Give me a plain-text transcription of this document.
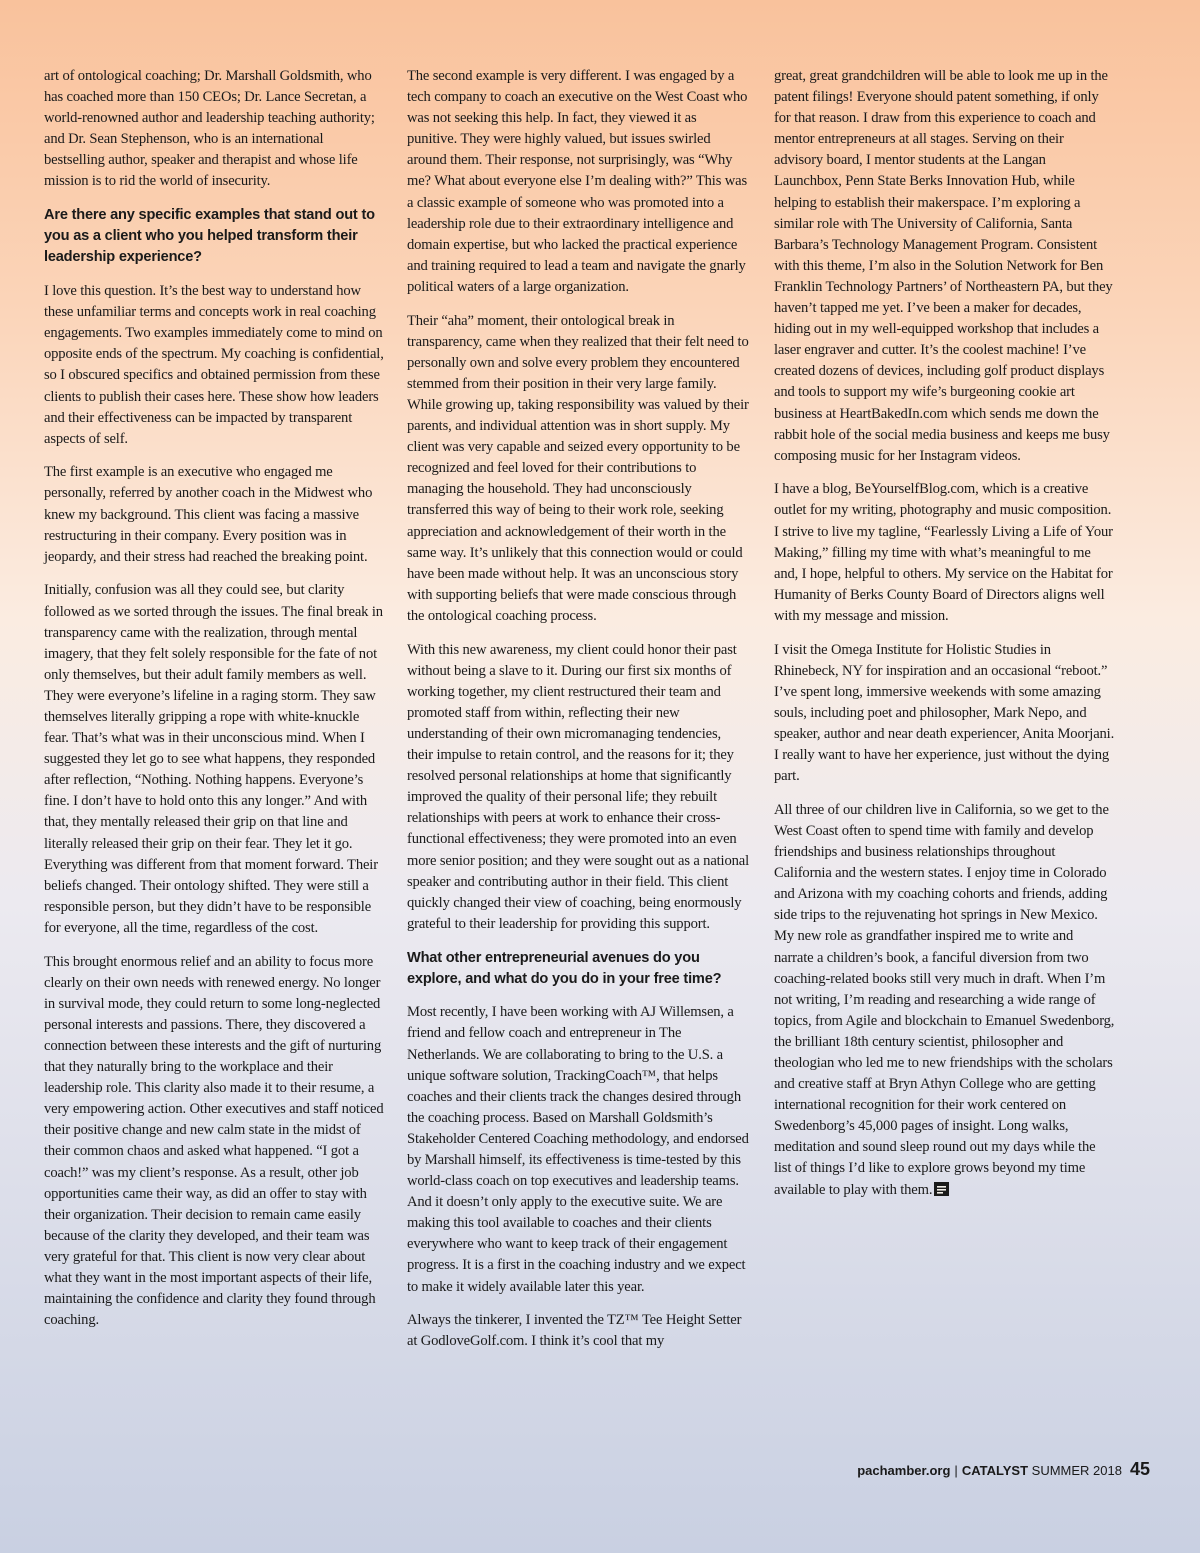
art of ontological coaching; Dr. Marshall Goldsmith, who has coached more than 150 CEOs; Dr. Lance Secretan, a world-renowned author and leadership teaching authority; and Dr. Sean Stephenson, who is an international bestselling author, speaker and therapist and whose life mission is to rid the world of insecurity.

Are there any specific examples that stand out to you as a client who you helped transform their leadership experience?

I love this question. It’s the best way to understand how these unfamiliar terms and concepts work in real coaching engagements. Two examples immediately come to mind on opposite ends of the spectrum. My coaching is confidential, so I obscured specifics and obtained permission from these clients to publish their cases here. These show how leaders and their effectiveness can be impacted by transparent aspects of self.

The first example is an executive who engaged me personally, referred by another coach in the Midwest who knew my background. This client was facing a massive restructuring in their company. Every position was in jeopardy, and their stress had reached the breaking point.

Initially, confusion was all they could see, but clarity followed as we sorted through the issues. The final break in transparency came with the realization, through mental imagery, that they felt solely responsible for the fate of not only themselves, but their adult family members as well. They were everyone’s lifeline in a raging storm. They saw themselves literally gripping a rope with white-knuckle fear. That’s what was in their unconscious mind. When I suggested they let go to see what happens, they responded after reflection, “Nothing. Nothing happens. Everyone’s fine. I don’t have to hold onto this any longer.” And with that, they mentally released their grip on that line and literally released their grip on their fear. They let it go. Everything was different from that moment forward. Their beliefs changed. Their ontology shifted. They were still a responsible person, but they didn’t have to be responsible for everyone, all the time, regardless of the cost.

This brought enormous relief and an ability to focus more clearly on their own needs with renewed energy. No longer in survival mode, they could return to some long-neglected personal interests and passions. There, they discovered a connection between these interests and the gift of nurturing that they naturally bring to the workplace and their leadership role. This clarity also made it to their resume, a very empowering action. Other executives and staff noticed their positive change and new calm state in the midst of their common chaos and asked what happened. “I got a coach!” was my client’s response. As a result, other job opportunities came their way, as did an offer to stay with their organization. Their decision to remain came easily because of the clarity they developed, and their team was very grateful for that. This client is now very clear about what they want in the most important aspects of their life, maintaining the confidence and clarity they found through coaching.

The second example is very different. I was engaged by a tech company to coach an executive on the West Coast who was not seeking this help. In fact, they viewed it as punitive. They were highly valued, but issues swirled around them. Their response, not surprisingly, was “Why me? What about everyone else I’m dealing with?” This was a classic example of someone who was promoted into a leadership role due to their extraordinary intelligence and domain expertise, but who lacked the practical experience and training required to lead a team and navigate the gnarly political waters of a large organization.

Their “aha” moment, their ontological break in transparency, came when they realized that their felt need to personally own and solve every problem they encountered stemmed from their position in their very large family. While growing up, taking responsibility was valued by their parents, and individual attention was in short supply. My client was very capable and seized every opportunity to be recognized and feel loved for their contributions to managing the household. They had unconsciously transferred this way of being to their work role, seeking appreciation and acknowledgement of their worth in the same way. It’s unlikely that this connection would or could have been made without help. It was an unconscious story with supporting beliefs that were made conscious through the ontological coaching process.

With this new awareness, my client could honor their past without being a slave to it. During our first six months of working together, my client restructured their team and promoted staff from within, reflecting their new understanding of their own micromanaging tendencies, their impulse to retain control, and the reasons for it; they resolved personal relationships at home that significantly improved the quality of their personal life; they rebuilt relationships with peers at work to enhance their cross-functional effectiveness; they were promoted into an even more senior position; and they were sought out as a national speaker and contributing author in their field. This client quickly changed their view of coaching, being enormously grateful to their leadership for providing this support.

What other entrepreneurial avenues do you explore, and what do you do in your free time?

Most recently, I have been working with AJ Willemsen, a friend and fellow coach and entrepreneur in The Netherlands. We are collaborating to bring to the U.S. a unique software solution, TrackingCoach™, that helps coaches and their clients track the changes desired through the coaching process. Based on Marshall Goldsmith’s Stakeholder Centered Coaching methodology, and endorsed by Marshall himself, its effectiveness is time-tested by this world-class coach on top executives and leadership teams. And it doesn’t only apply to the executive suite. We are making this tool available to coaches and their clients everywhere who want to keep track of their engagement progress. It is a first in the coaching industry and we expect to make it widely available later this year.

Always the tinkerer, I invented the TZ™ Tee Height Setter at GodloveGolf.com. I think it’s cool that my

great, great grandchildren will be able to look me up in the patent filings! Everyone should patent something, if only for that reason. I draw from this experience to coach and mentor entrepreneurs at all stages. Serving on their advisory board, I mentor students at the Langan Launchbox, Penn State Berks Innovation Hub, while helping to establish their makerspace. I’m exploring a similar role with The University of California, Santa Barbara’s Technology Management Program. Consistent with this theme, I’m also in the Solution Network for Ben Franklin Technology Partners’ of Northeastern PA, but they haven’t tapped me yet. I’ve been a maker for decades, hiding out in my well-equipped workshop that includes a laser engraver and cutter. It’s the coolest machine! I’ve created dozens of devices, including golf product displays and tools to support my wife’s burgeoning cookie art business at HeartBakedIn.com which sends me down the rabbit hole of the social media business and keeps me busy composing music for her Instagram videos.

I have a blog, BeYourselfBlog.com, which is a creative outlet for my writing, photography and music composition. I strive to live my tagline, “Fearlessly Living a Life of Your Making,” filling my time with what’s meaningful to me and, I hope, helpful to others. My service on the Habitat for Humanity of Berks County Board of Directors aligns well with my message and mission.

I visit the Omega Institute for Holistic Studies in Rhinebeck, NY for inspiration and an occasional “reboot.” I’ve spent long, immersive weekends with some amazing souls, including poet and philosopher, Mark Nepo, and speaker, author and near death experiencer, Anita Moorjani. I really want to have her experience, just without the dying part.

All three of our children live in California, so we get to the West Coast often to spend time with family and develop friendships and business relationships throughout California and the western states. I enjoy time in Colorado and Arizona with my coaching cohorts and friends, adding side trips to the rejuvenating hot springs in New Mexico. My new role as grandfather inspired me to write and narrate a children’s book, a fanciful diversion from two coaching-related books still very much in draft. When I’m not writing, I’m reading and researching a wide range of topics, from Agile and blockchain to Emanuel Swedenborg, the brilliant 18th century scientist, philosopher and theologian who led me to new friendships with the scholars and creative staff at Bryn Athyn College who are getting international recognition for their work centered on Swedenborg’s 45,000 pages of insight. Long walks, meditation and sound sleep round out my days while the list of things I’d like to explore grows beyond my time available to play with them.

pachamber.org | CATALYST SUMMER 2018 45
